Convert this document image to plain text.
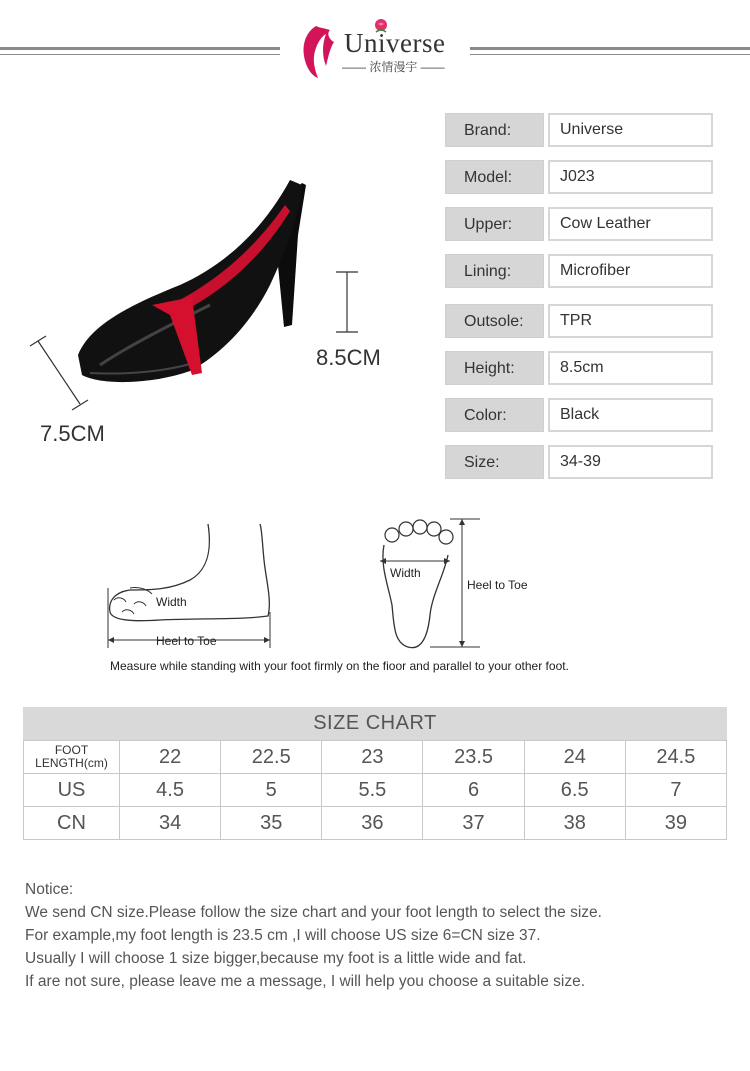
Universe
—— 浓情漫宇 ——
8.5CM
7.5CM
Brand:	Universe
Model:	J023
Upper:	Cow Leather
Lining:	Microfiber
Outsole:	TPR
Height:	8.5cm
Color:	Black
Size:	34-39
Width
Heel to Toe
Width
Heel to Toe
Measure while standing with your foot firmly on the fioor and parallel to your other foot.
SIZE CHART
FOOT
LENGTH(cm)	22	22.5	23	23.5	24	24.5
US	4.5	5	5.5	6	6.5	7
CN	34	35	36	37	38	39
Notice:
We send CN size.Please follow the size chart and your foot length to select the size.
For example,my foot length is 23.5 cm ,I will choose US size 6=CN size 37.
Usually I will choose 1 size bigger,because my foot is a little wide and fat.
If are not sure, please leave me a message, I will help you choose a suitable size.
